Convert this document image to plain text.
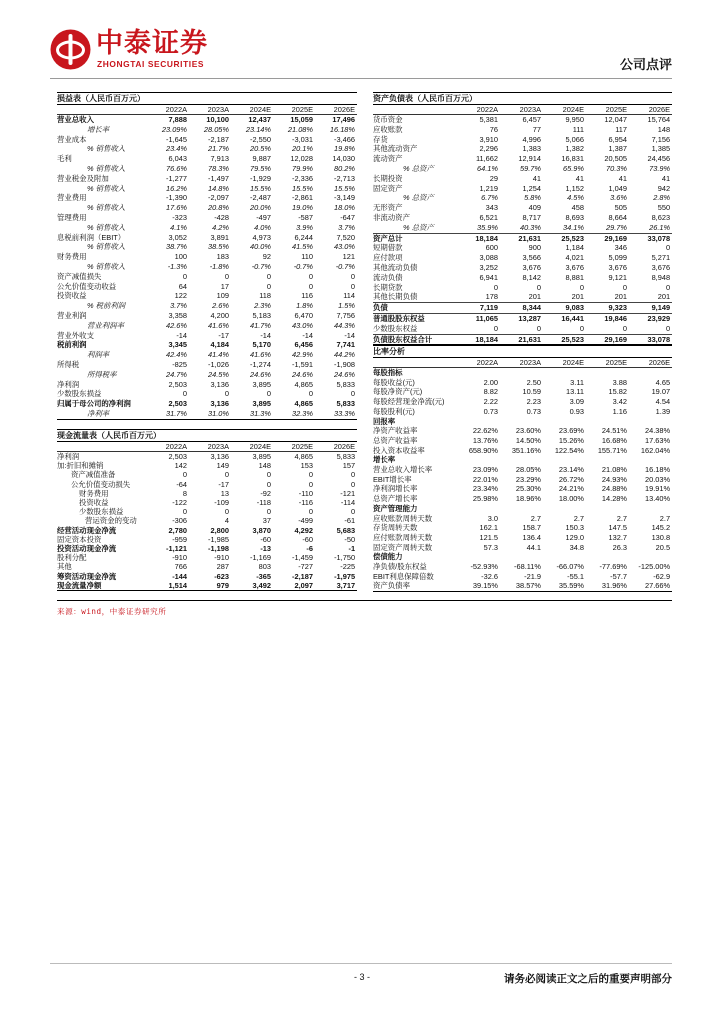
中泰证券
ZHONGTAI SECURITIES	公司点评
损益表（人民币百万元）					
	2022A	2023A	2024E	2025E	2026E
营业总收入	7,888	10,100	12,437	15,059	17,496
增长率	23.09%	28.05%	23.14%	21.08%	16.18%
营业成本	-1,645	-2,187	-2,550	-3,031	-3,466
% 销售收入	23.4%	21.7%	20.5%	20.1%	19.8%
毛利	6,043	7,913	9,887	12,028	14,030
% 销售收入	76.6%	78.3%	79.5%	79.9%	80.2%
营业税金及附加	-1,277	-1,497	-1,929	-2,336	-2,713
% 销售收入	16.2%	14.8%	15.5%	15.5%	15.5%
营业费用	-1,390	-2,097	-2,487	-2,861	-3,149
% 销售收入	17.6%	20.8%	20.0%	19.0%	18.0%
管理费用	-323	-428	-497	-587	-647
% 销售收入	4.1%	4.2%	4.0%	3.9%	3.7%
息税前利润（EBIT）	3,052	3,891	4,973	6,244	7,520
% 销售收入	38.7%	38.5%	40.0%	41.5%	43.0%
财务费用	100	183	92	110	121
% 销售收入	-1.3%	-1.8%	-0.7%	-0.7%	-0.7%
资产减值损失	0	0	0	0	0
公允价值变动收益	64	17	0	0	0
投资收益	122	109	118	116	114
% 税前利润	3.7%	2.6%	2.3%	1.8%	1.5%
营业利润	3,358	4,200	5,183	6,470	7,756
营业利润率	42.6%	41.6%	41.7%	43.0%	44.3%
营业外收支	-14	-17	-14	-14	-14
税前利润	3,345	4,184	5,170	6,456	7,741
利润率	42.4%	41.4%	41.6%	42.9%	44.2%
所得税	-825	-1,026	-1,274	-1,591	-1,908
所得税率	24.7%	24.5%	24.6%	24.6%	24.6%
净利润	2,503	3,136	3,895	4,865	5,833
少数股东损益	0	0	0	0	0
归属于母公司的净利润	2,503	3,136	3,895	4,865	5,833
净利率	31.7%	31.0%	31.3%	32.3%	33.3%
现金流量表（人民币百万元）					
	2022A	2023A	2024E	2025E	2026E
净利润	2,503	3,136	3,895	4,865	5,833
加:折旧和摊销	142	149	148	153	157
资产减值准备	0	0	0	0	0
公允价值变动损失	-64	-17	0	0	0
财务费用	8	13	-92	-110	-121
投资收益	-122	-109	-118	-116	-114
少数股东损益	0	0	0	0	0
营运资金的变动	-306	4	37	-499	-61
经营活动现金净流	2,780	2,800	3,870	4,292	5,683
固定资本投资	-959	-1,985	-60	-60	-50
投资活动现金净流	-1,121	-1,198	-13	-6	-1
股利分配	-910	-910	-1,169	-1,459	-1,750
其他	766	287	803	-727	-225
筹资活动现金净流	-144	-623	-365	-2,187	-1,975
现金流量净额	1,514	979	3,492	2,097	3,717
资产负债表（人民币百万元）					
	2022A	2023A	2024E	2025E	2026E
货币资金	5,381	6,457	9,950	12,047	15,764
应收账款	76	77	111	117	148
存货	3,910	4,996	5,066	6,954	7,156
其他流动资产	2,296	1,383	1,382	1,387	1,385
流动资产	11,662	12,914	16,831	20,505	24,456
% 总资产	64.1%	59.7%	65.9%	70.3%	73.9%
长期投资	29	41	41	41	41
固定资产	1,219	1,254	1,152	1,049	942
% 总资产	6.7%	5.8%	4.5%	3.6%	2.8%
无形资产	343	409	458	505	550
非流动资产	6,521	8,717	8,693	8,664	8,623
% 总资产	35.9%	40.3%	34.1%	29.7%	26.1%
资产总计	18,184	21,631	25,523	29,169	33,078
短期借款	600	900	1,184	346	0
应付款项	3,088	3,566	4,021	5,099	5,271
其他流动负债	3,252	3,676	3,676	3,676	3,676
流动负债	6,941	8,142	8,881	9,121	8,948
长期贷款	0	0	0	0	0
其他长期负债	178	201	201	201	201
负债	7,119	8,344	9,083	9,323	9,149
普通股股东权益	11,065	13,287	16,441	19,846	23,929
少数股东权益	0	0	0	0	0
负债股东权益合计	18,184	21,631	25,523	29,169	33,078
比率分析					
	2022A	2023A	2024E	2025E	2026E
每股指标					
每股收益(元)	2.00	2.50	3.11	3.88	4.65
每股净资产(元)	8.82	10.59	13.11	15.82	19.07
每股经营现金净流(元)	2.22	2.23	3.09	3.42	4.54
每股股利(元)	0.73	0.73	0.93	1.16	1.39
回报率					
净资产收益率	22.62%	23.60%	23.69%	24.51%	24.38%
总资产收益率	13.76%	14.50%	15.26%	16.68%	17.63%
投入资本收益率	658.90%	351.16%	122.54%	155.71%	162.04%
增长率					
营业总收入增长率	23.09%	28.05%	23.14%	21.08%	16.18%
EBIT增长率	22.01%	23.29%	26.72%	24.93%	20.03%
净利润增长率	23.34%	25.30%	24.21%	24.88%	19.91%
总资产增长率	25.98%	18.96%	18.00%	14.28%	13.40%
资产管理能力					
应收账款周转天数	3.0	2.7	2.7	2.7	2.7
存货周转天数	162.1	158.7	150.3	147.5	145.2
应付账款周转天数	121.5	136.4	129.0	132.7	130.8
固定资产周转天数	57.3	44.1	34.8	26.3	20.5
偿债能力					
净负债/股东权益	-52.93%	-68.11%	-66.07%	-77.69%	-125.00%
EBIT利息保障倍数	-32.6	-21.9	-55.1	-57.7	-62.9
资产负债率	39.15%	38.57%	35.59%	31.96%	27.66%
来源：wind，中泰证券研究所
- 3 -	请务必阅读正文之后的重要声明部分
